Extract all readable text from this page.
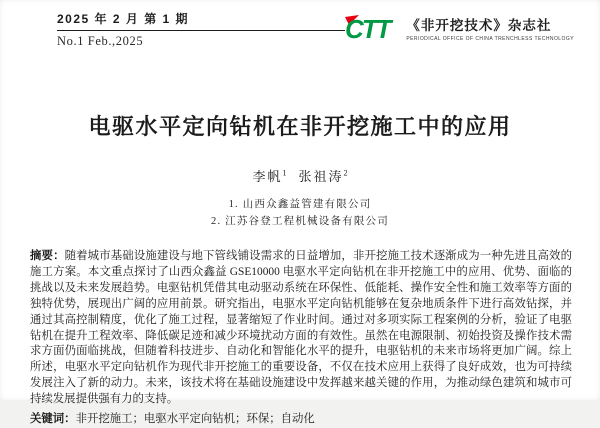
2025 年 2 月 第 1 期
No.1 Feb.,2025	CTT	《非开挖技术》杂志社
PERIODICAL OFFICE OF CHINA TRENCHLESS TECHNOLOGY
电驱水平定向钻机在非开挖施工中的应用
李帆$^1$ 张祖涛$^2$
1. 山西众鑫益管建有限公司
2. 江苏谷登工程机械设备有限公司

摘要：随着城市基础设施建设与地下管线铺设需求的日益增加，非开挖施工技术逐渐成为一种先进且高效的施工方案。本文重点探讨了山西众鑫益 GSE10000 电驱水平定向钻机在非开挖施工中的应用、优势、面临的挑战以及未来发展趋势。电驱钻机凭借其电动驱动系统在环保性、低能耗、操作安全性和施工效率等方面的独特优势，展现出广阔的应用前景。研究指出，电驱水平定向钻机能够在复杂地质条件下进行高效钻探，并通过其高控制精度，优化了施工过程，显著缩短了作业时间。通过对多项实际工程案例的分析，验证了电驱钻机在提升工程效率、降低碳足迹和减少环境扰动方面的有效性。虽然在电源限制、初始投资及操作技术需求方面仍面临挑战，但随着科技进步、自动化和智能化水平的提升，电驱钻机的未来市场将更加广阔。综上所述，电驱水平定向钻机作为现代非开挖施工的重要设备，不仅在技术应用上获得了良好成效，也为可持续发展注入了新的动力。未来，该技术将在基础设施建设中发挥越来越关键的作用，为推动绿色建筑和城市可持续发展提供强有力的支持。

关键词：非开挖施工；电驱水平定向钻机；环保；自动化
